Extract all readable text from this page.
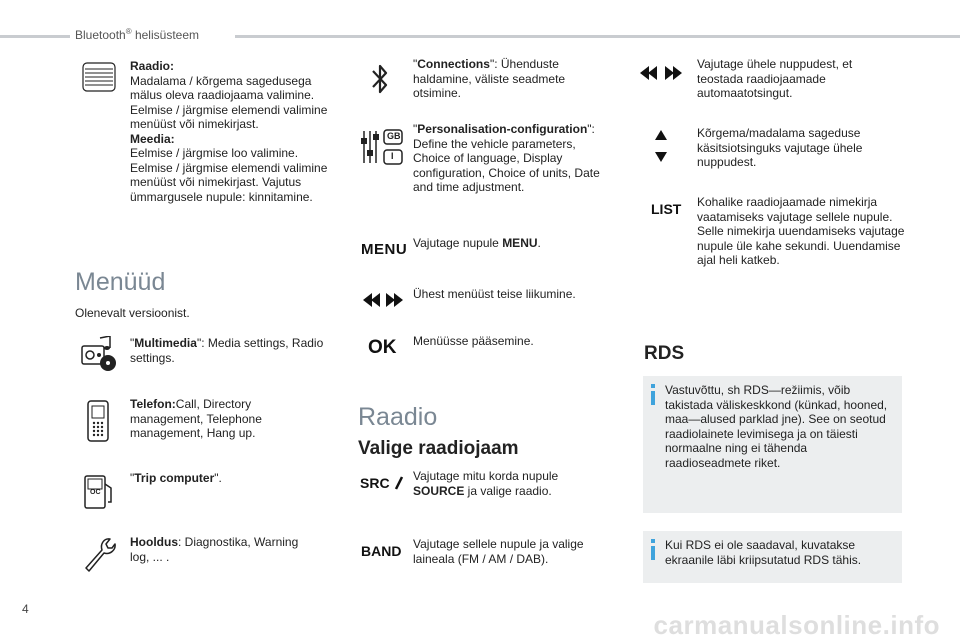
Bluetooth® helisüsteem
Raadio:
Madalama / kõrgema sagedusega mälus oleva raadiojaama valimine. Eelmise / järgmise elemendi valimine menüüst või nimekirjast.
Meedia:
Eelmise / järgmise loo valimine. Eelmise / järgmise elemendi valimine menüüst või nimekirjast. Vajutus ümmargusele nupule: kinnitamine.
Menüüd
Olenevalt versioonist.
"Multimedia": Media settings, Radio settings.
Telefon:Call, Directory management, Telephone management, Hang up.
OC
"Trip computer".
Hooldus: Diagnostika, Warning log, ... .
"Connections": Ühenduste haldamine, väliste seadmete otsimine.
GB
I
"Personalisation-configuration": Define the vehicle parameters, Choice of language, Display configuration, Choice of units, Date and time adjustment.
MENU Vajutage nupule MENU.
Ühest menüüst teise liikumine.
OK Menüüsse pääsemine.
Raadio
Valige raadiojaam
SRC Vajutage mitu korda nupule SOURCE ja valige raadio.
BAND Vajutage sellele nupule ja valige laineala (FM / AM / DAB).
Vajutage ühele nuppudest, et teostada raadiojaamade automaatotsingut.
Kõrgema/madalama sageduse käsitsiotsinguks vajutage ühele nuppudest.
LIST Kohalike raadiojaamade nimekirja vaatamiseks vajutage sellele nupule. Selle nimekirja uuendamiseks vajutage nupule üle kahe sekundi. Uuendamise ajal heli katkeb.
RDS
Vastuvõttu, sh RDS—režiimis, võib takistada väliskeskkond (künkad, hooned, maa—alused parklad jne). See on seotud raadiolainete levimisega ja on täiesti normaalne ning ei tähenda raadioseadmete riket.
Kui RDS ei ole saadaval, kuvatakse ekraanile läbi kriipsutatud RDS tähis.
4
carmanualsonline.info
